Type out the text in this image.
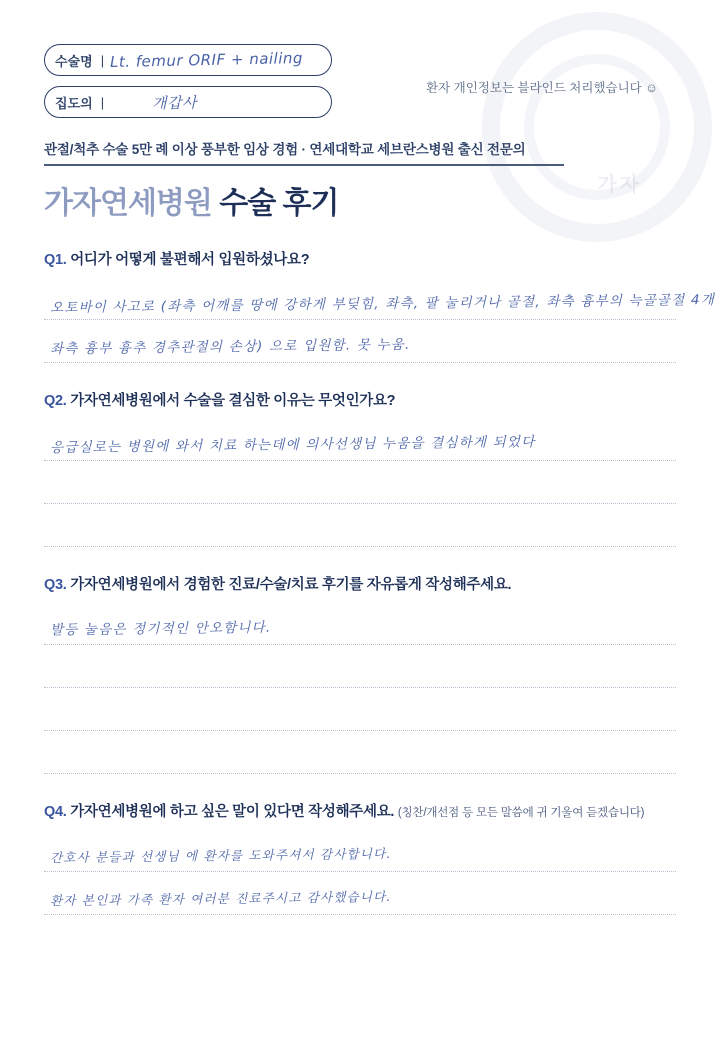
가자
수술명 | Lt. femur ORIF + nailing
집도의 |	개갑사
환자 개인정보는 블라인드 처리했습니다 ☺
관절/척추 수술 5만 례 이상 풍부한 임상 경험 · 연세대학교 세브란스병원 출신 전문의
가자연세병원 수술 후기
Q1. 어디가 어떻게 불편해서 입원하셨나요?
오토바이 사고로 (좌측 어깨를 땅에 강하게 부딪힘, 좌측, 팔 눌리거나 골절, 좌측 흉부의 늑골골절 4개
좌측 흉부 흉추 경추관절의 손상) 으로 입원함. 못 누움.
Q2. 가자연세병원에서 수술을 결심한 이유는 무엇인가요?
응급실로는 병원에 와서 치료 하는데에 의사선생님 누움을 결심하게 되었다
Q3. 가자연세병원에서 경험한 진료/수술/치료 후기를 자유롭게 작성해주세요.
발등 눌음은 정기적인 안오함니다.
Q4. 가자연세병원에 하고 싶은 말이 있다면 작성해주세요. (칭찬/개선점 등 모든 말씀에 귀 기울여 듣겠습니다)
간호사 분들과 선생님 에 환자를 도와주셔서 감사합니다.
환자 본인과 가족 환자 여러분 진료주시고 감사했습니다.
